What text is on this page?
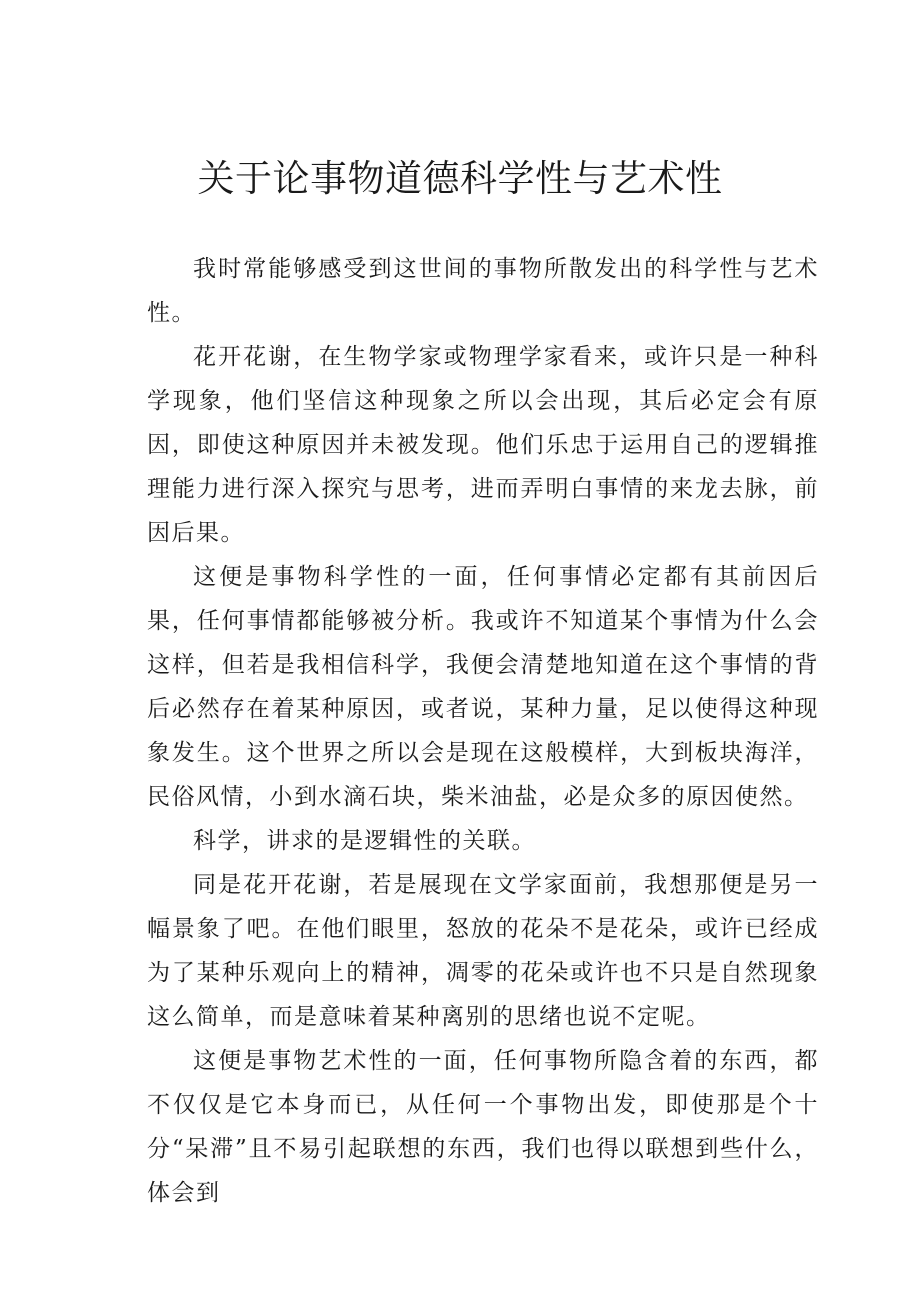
关于论事物道德科学性与艺术性

我时常能够感受到这世间的事物所散发出的科学性与艺术性。

花开花谢，在生物学家或物理学家看来，或许只是一种科学现象，他们坚信这种现象之所以会出现，其后必定会有原因，即使这种原因并未被发现。他们乐忠于运用自己的逻辑推理能力进行深入探究与思考，进而弄明白事情的来龙去脉，前因后果。

这便是事物科学性的一面，任何事情必定都有其前因后果，任何事情都能够被分析。我或许不知道某个事情为什么会这样，但若是我相信科学，我便会清楚地知道在这个事情的背后必然存在着某种原因，或者说，某种力量，足以使得这种现象发生。这个世界之所以会是现在这般模样，大到板块海洋，民俗风情，小到水滴石块，柴米油盐，必是众多的原因使然。

科学，讲求的是逻辑性的关联。

同是花开花谢，若是展现在文学家面前，我想那便是另一幅景象了吧。在他们眼里，怒放的花朵不是花朵，或许已经成为了某种乐观向上的精神，凋零的花朵或许也不只是自然现象这么简单，而是意味着某种离别的思绪也说不定呢。

这便是事物艺术性的一面，任何事物所隐含着的东西，都不仅仅是它本身而已，从任何一个事物出发，即使那是个十分“呆滞”且不易引起联想的东西，我们也得以联想到些什么，体会到
